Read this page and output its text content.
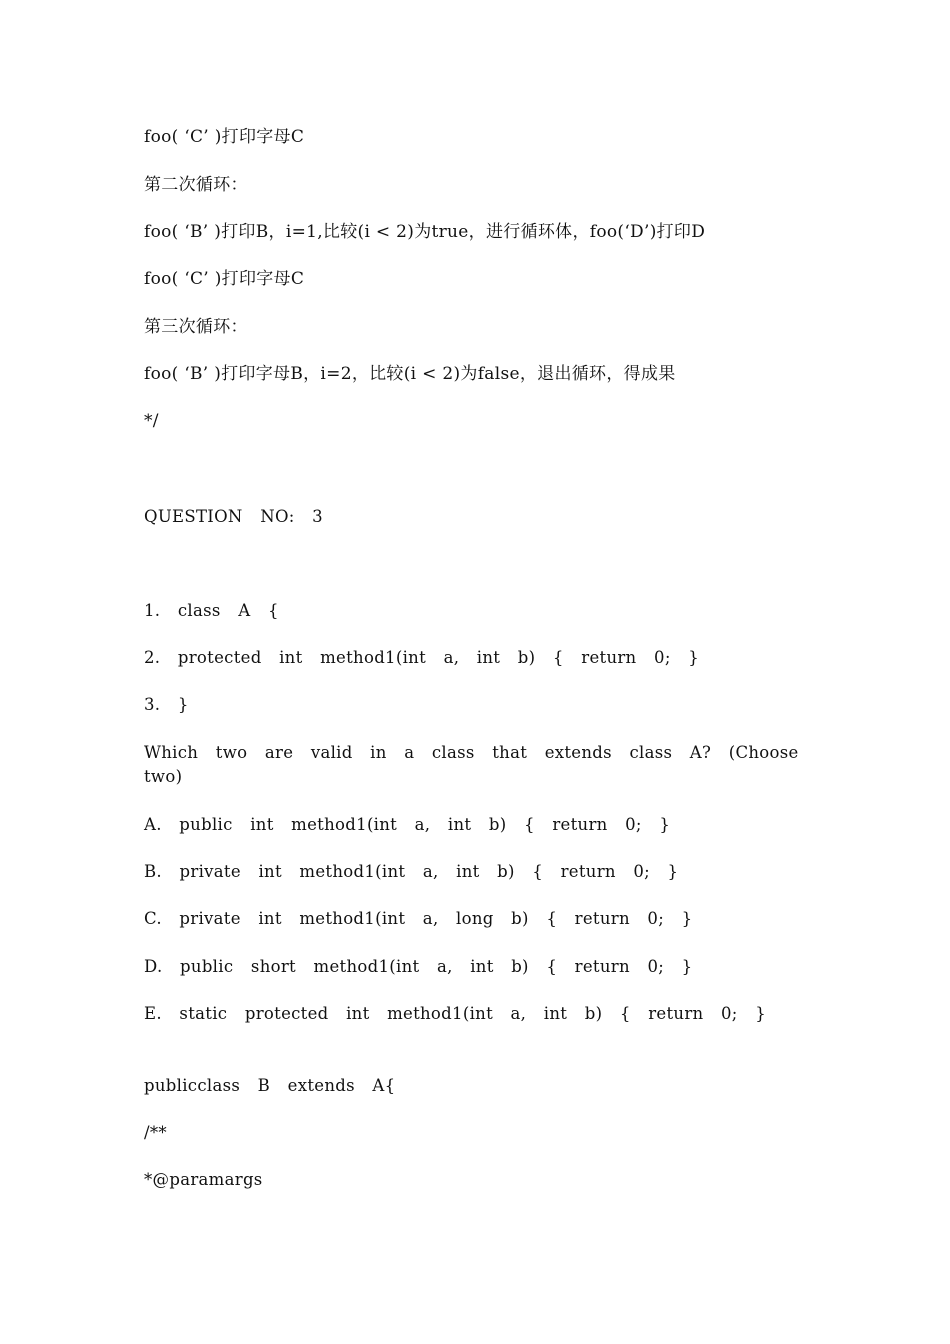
foo( ‘C’ )打印字母C
第二次循环：
foo( ‘B’ )打印B，i=1,比较(i < 2)为true，进行循环体，foo(‘D’)打印D
foo( ‘C’ )打印字母C
第三次循环：
foo( ‘B’ )打印字母B，i=2，比较(i < 2)为false，退出循环，得成果
*/
QUESTION NO: 3
1. class A {
2. protected int method1(int a, int b) { return 0; }
3. }
Which two are valid in a class that extends class A? (Choose two)
A. public int method1(int a, int b) { return 0; }
B. private int method1(int a, int b) { return 0; }
C. private int method1(int a, long b) { return 0; }
D. public short method1(int a, int b) { return 0; }
E. static protected int method1(int a, int b) { return 0; }
publicclass B extends A{
/**
*@paramargs
